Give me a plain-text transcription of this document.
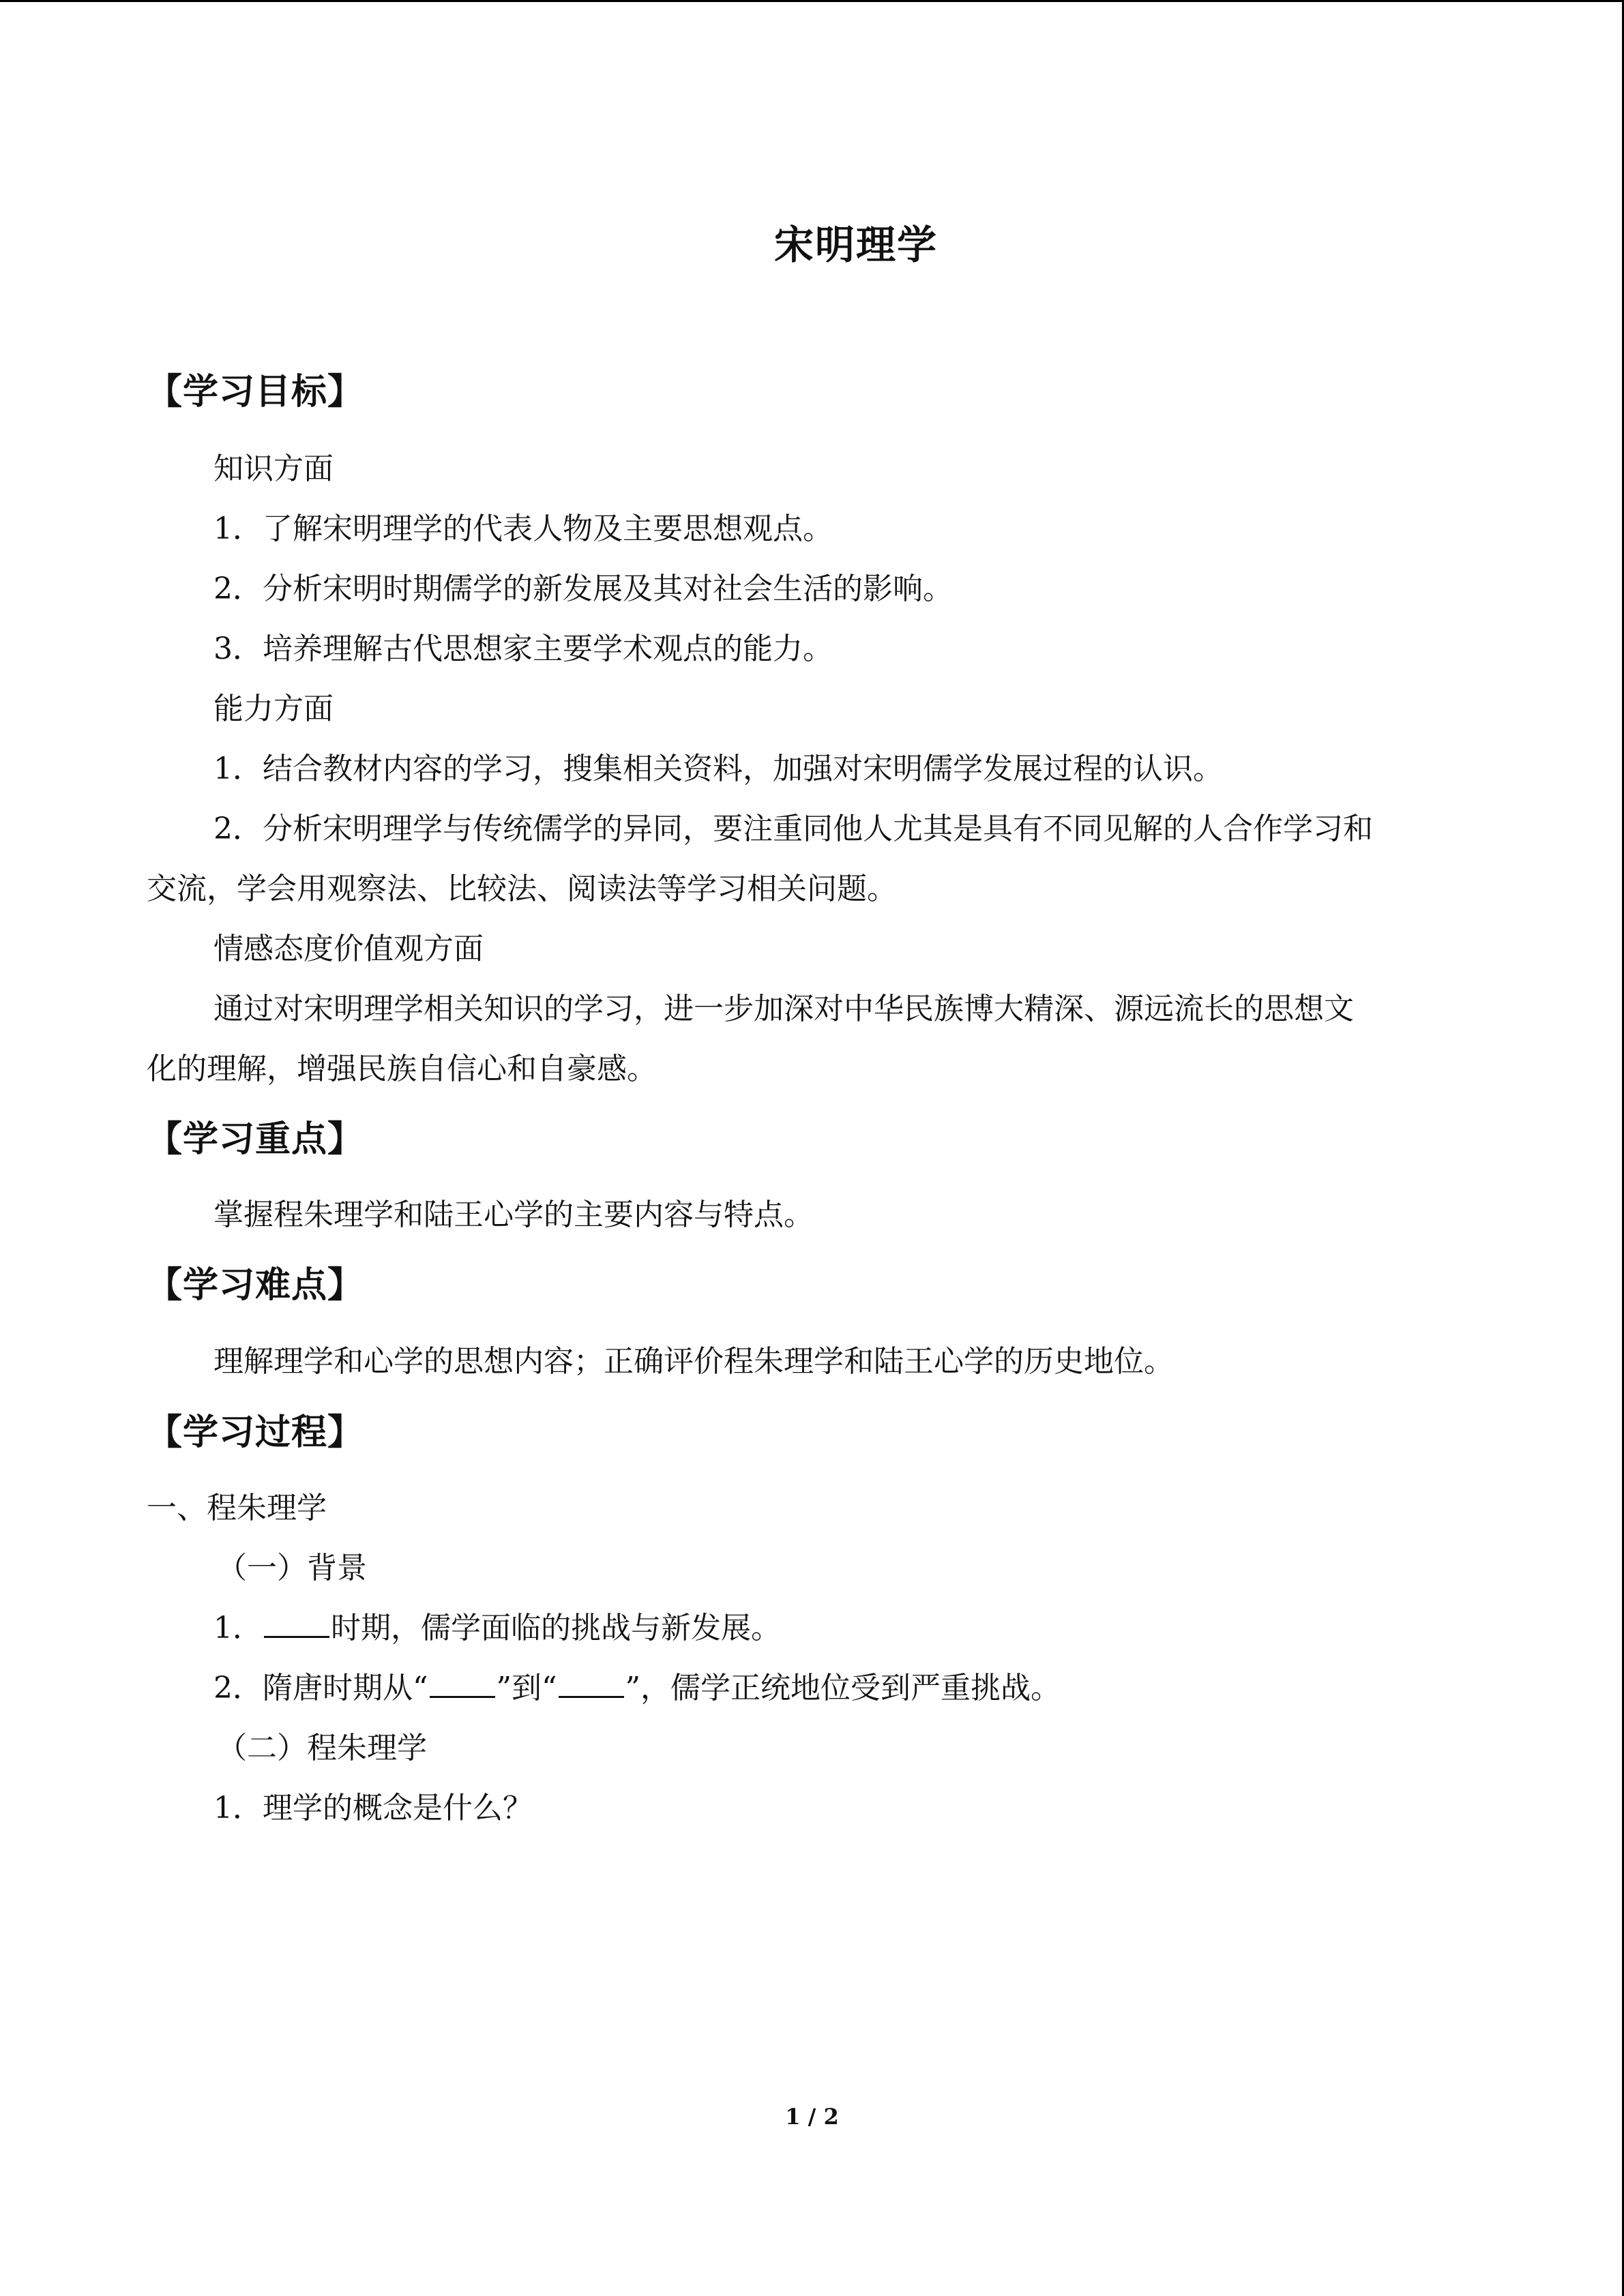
宋明理学
【学习目标】
知识方面
1．了解宋明理学的代表人物及主要思想观点。
2．分析宋明时期儒学的新发展及其对社会生活的影响。
3．培养理解古代思想家主要学术观点的能力。
能力方面
1．结合教材内容的学习，搜集相关资料，加强对宋明儒学发展过程的认识。
2．分析宋明理学与传统儒学的异同，要注重同他人尤其是具有不同见解的人合作学习和
交流，学会用观察法、比较法、阅读法等学习相关问题。
情感态度价值观方面
通过对宋明理学相关知识的学习，进一步加深对中华民族博大精深、源远流长的思想文
化的理解，增强民族自信心和自豪感。
【学习重点】
掌握程朱理学和陆王心学的主要内容与特点。
【学习难点】
理解理学和心学的思想内容；正确评价程朱理学和陆王心学的历史地位。
【学习过程】
一、程朱理学
（一）背景
1． 时期，儒学面临的挑战与新发展。
2．隋唐时期从“ ”到“ ”，儒学正统地位受到严重挑战。
（二）程朱理学
1．理学的概念是什么？
1 / 2
